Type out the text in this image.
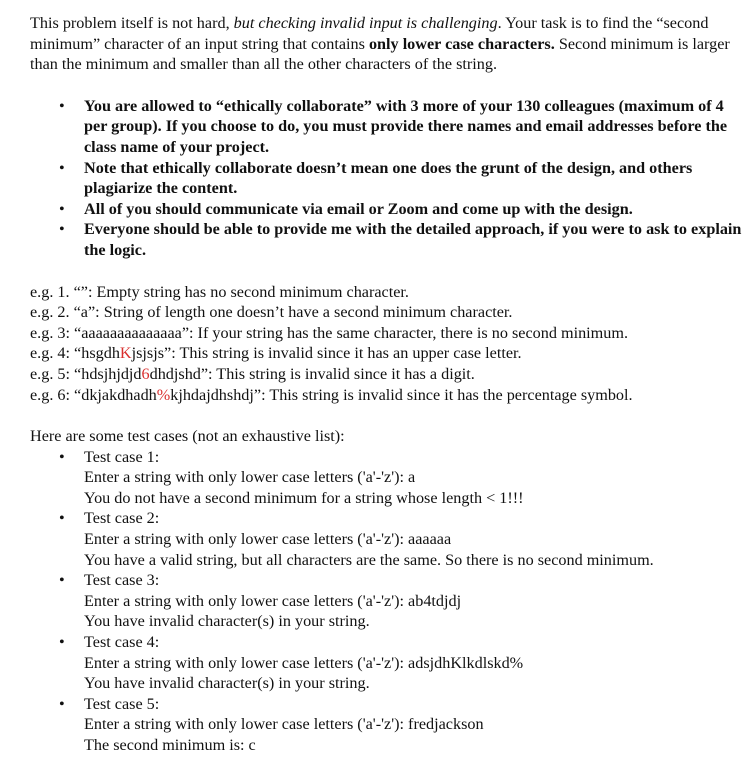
This problem itself is not hard, but checking invalid input is challenging. Your task is to find the “second minimum” character of an input string that contains only lower case characters. Second minimum is larger than the minimum and smaller than all the other characters of the string.

• You are allowed to “ethically collaborate” with 3 more of your 130 colleagues (maximum of 4 per group). If you choose to do, you must provide there names and email addresses before the class name of your project.
• Note that ethically collaborate doesn’t mean one does the grunt of the design, and others plagiarize the content.
• All of you should communicate via email or Zoom and come up with the design.
• Everyone should be able to provide me with the detailed approach, if you were to ask to explain the logic.

e.g. 1. “”: Empty string has no second minimum character.

e.g. 2. “a”: String of length one doesn’t have a second minimum character.

e.g. 3: “aaaaaaaaaaaaaa”: If your string has the same character, there is no second minimum.

e.g. 4: “hsgdhKjsjsjs”: This string is invalid since it has an upper case letter.

e.g. 5: “hdsjhjdjd6dhdjshd”: This string is invalid since it has a digit.

e.g. 6: “dkjakdhadh%kjhdajdhshdj”: This string is invalid since it has the percentage symbol.

Here are some test cases (not an exhaustive list):

• Test case 1:
Enter a string with only lower case letters ('a'-'z'): a
You do not have a second minimum for a string whose length < 1!!!
• Test case 2:
Enter a string with only lower case letters ('a'-'z'): aaaaaa
You have a valid string, but all characters are the same. So there is no second minimum.
• Test case 3:
Enter a string with only lower case letters ('a'-'z'): ab4tdjdj
You have invalid character(s) in your string.
• Test case 4:
Enter a string with only lower case letters ('a'-'z'): adsjdhKlkdlskd%
You have invalid character(s) in your string.
• Test case 5:
Enter a string with only lower case letters ('a'-'z'): fredjackson
The second minimum is: c
